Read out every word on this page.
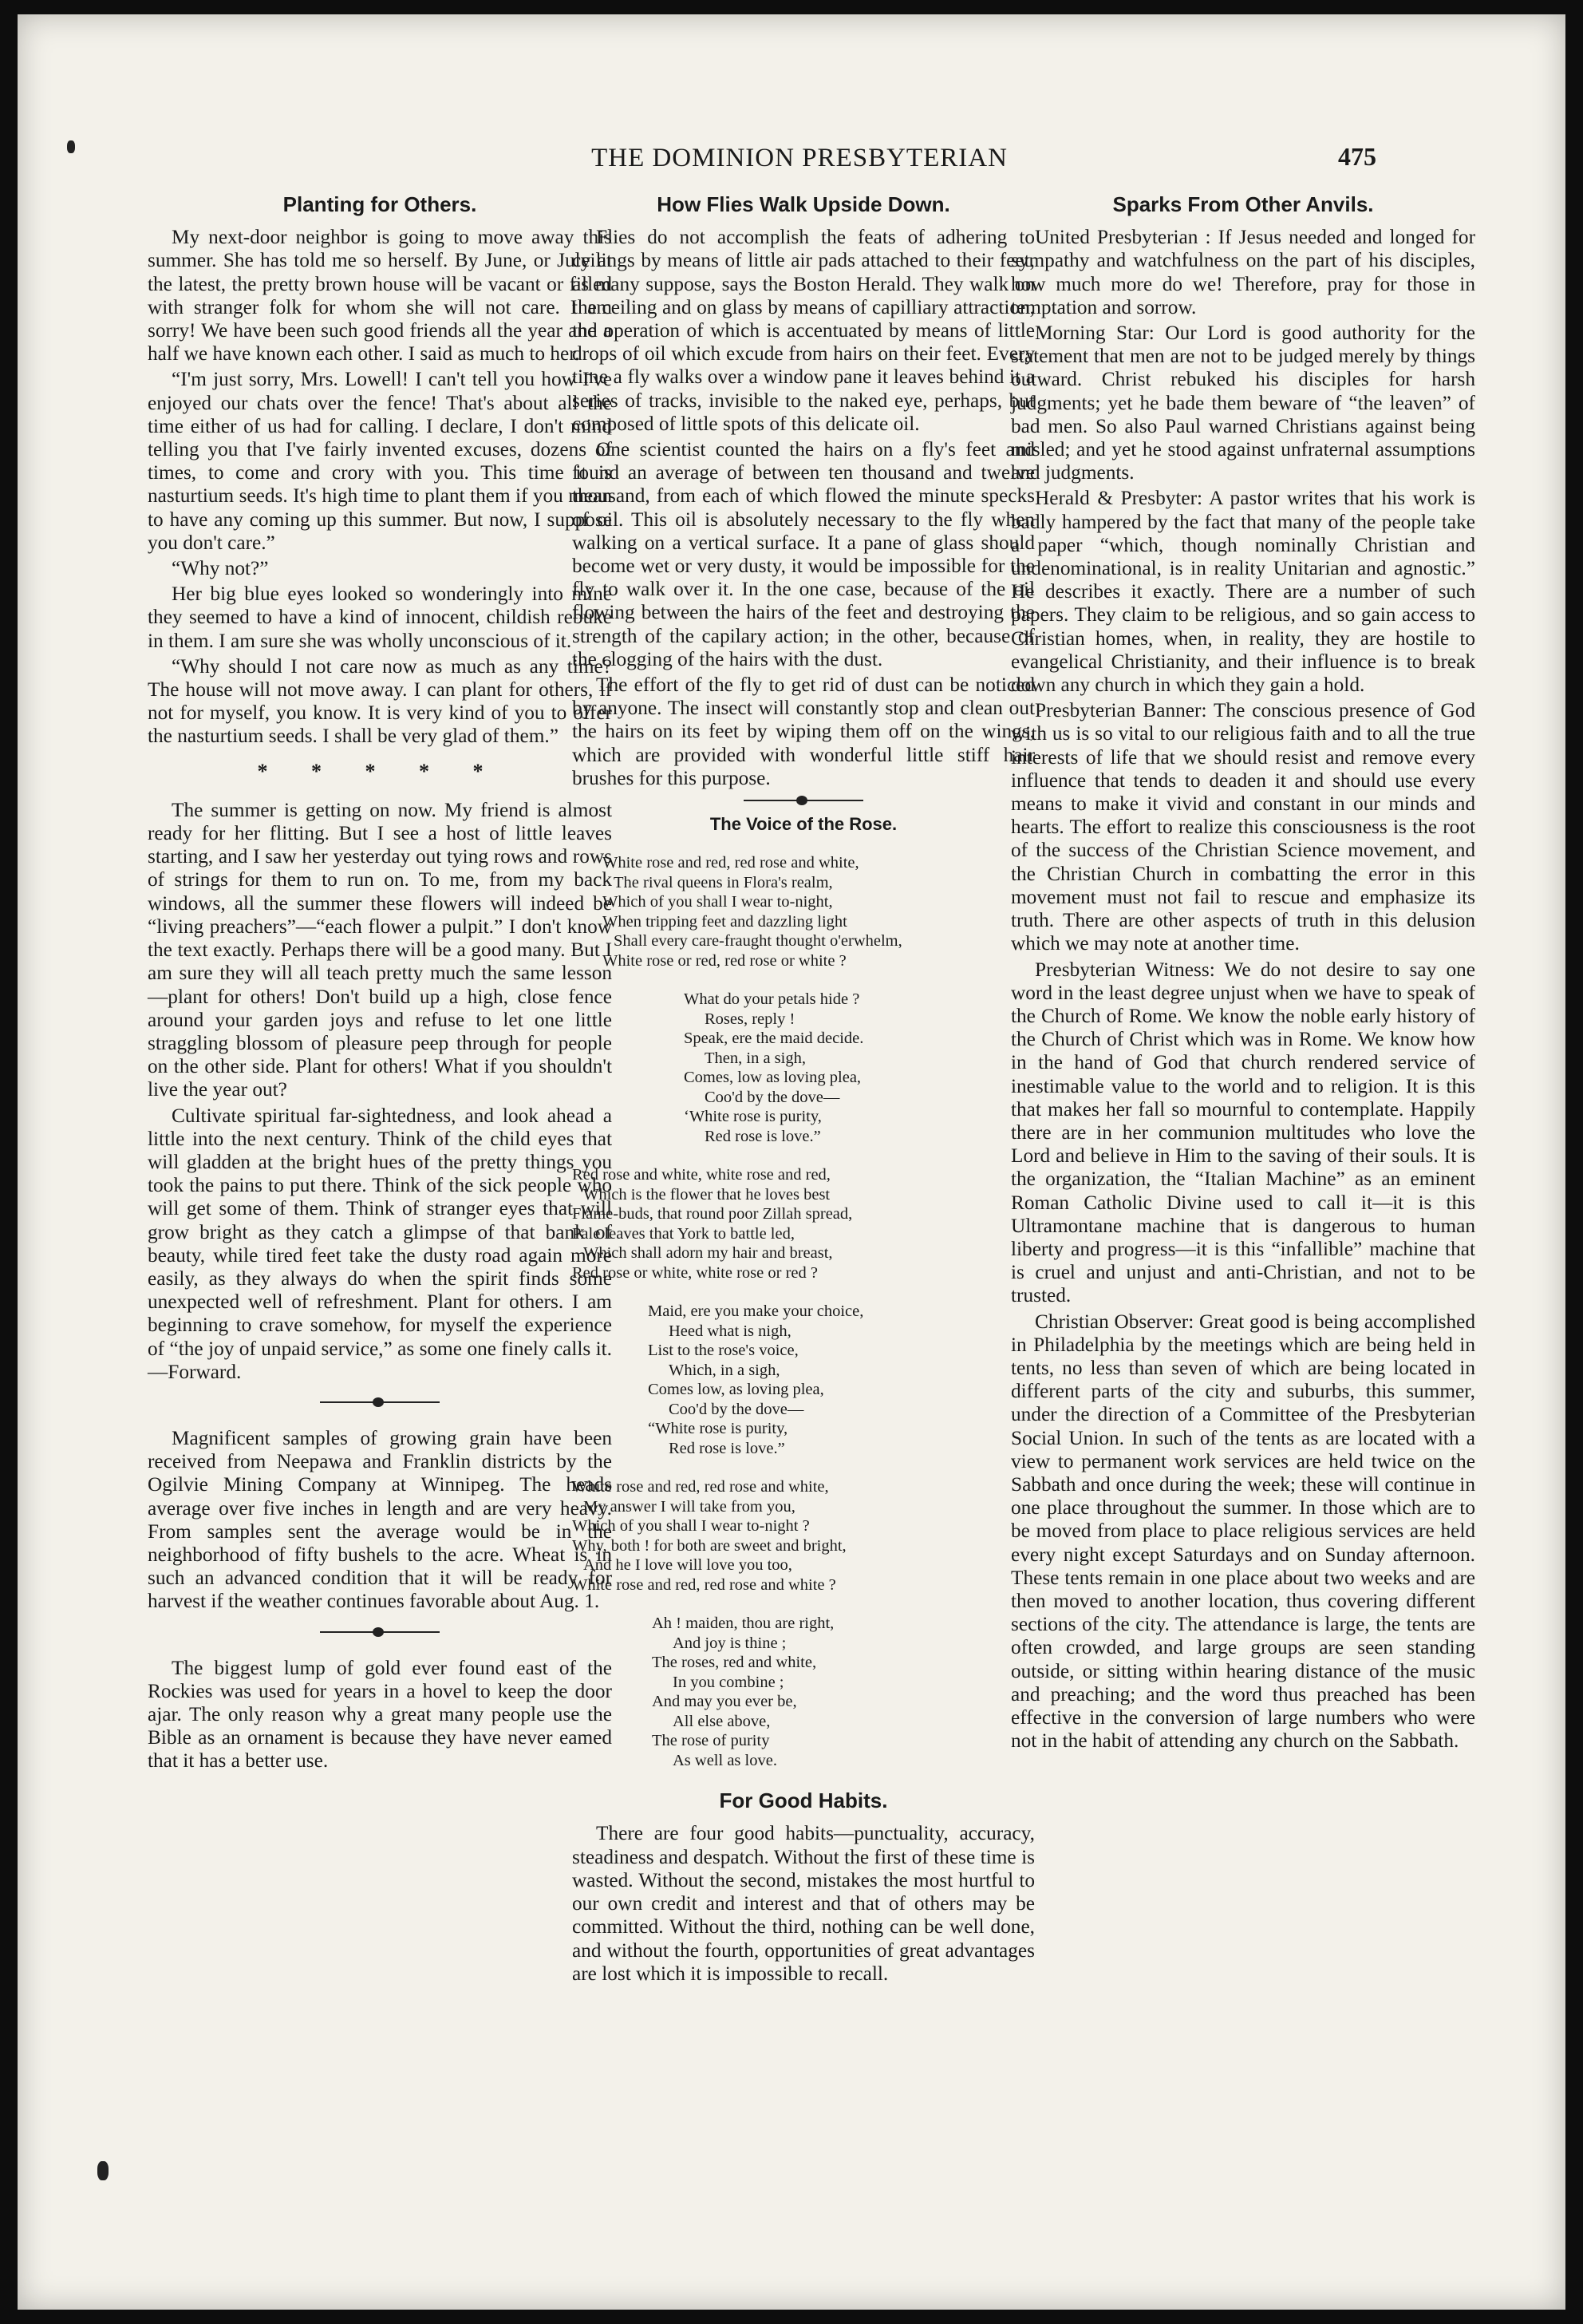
THE DOMINION PRESBYTERIAN	475
Planting for Others.

My next-door neighbor is going to move away this summer. She has told me so herself. By June, or July at the latest, the pretty brown house will be vacant or filled with stranger folk for whom she will not care. I am sorry! We have been such good friends all the year and a half we have known each other. I said as much to her.

“I'm just sorry, Mrs. Lowell! I can't tell you how I've enjoyed our chats over the fence! That's about all the time either of us had for calling. I declare, I don't mind telling you that I've fairly invented excuses, dozens of times, to come and crory with you. This time it is nasturtium seeds. It's high time to plant them if you mean to have any coming up this summer. But now, I suppose you don't care.”

“Why not?”

Her big blue eyes looked so wonderingly into mine they seemed to have a kind of innocent, childish rebuke in them. I am sure she was wholly unconscious of it.

“Why should I not care now as much as any time? The house will not move away. I can plant for others, if not for myself, you know. It is very kind of you to offer the nasturtium seeds. I shall be very glad of them.”

* * * * *

The summer is getting on now. My friend is almost ready for her flitting. But I see a host of little leaves starting, and I saw her yesterday out tying rows and rows of strings for them to run on. To me, from my back windows, all the summer these flowers will indeed be “living preachers”—“each flower a pulpit.” I don't know the text exactly. Perhaps there will be a good many. But I am sure they will all teach pretty much the same lesson—plant for others! Don't build up a high, close fence around your garden joys and refuse to let one little straggling blossom of pleasure peep through for people on the other side. Plant for others! What if you shouldn't live the year out?

Cultivate spiritual far-sightedness, and look ahead a little into the next century. Think of the child eyes that will gladden at the bright hues of the pretty things you took the pains to put there. Think of the sick people who will get some of them. Think of stranger eyes that will grow bright as they catch a glimpse of that bank of beauty, while tired feet take the dusty road again more easily, as they always do when the spirit finds some unexpected well of refreshment. Plant for others. I am beginning to crave somehow, for myself the experience of “the joy of unpaid service,” as some one finely calls it.—Forward.

Magnificent samples of growing grain have been received from Neepawa and Franklin districts by the Ogilvie Mining Company at Winnipeg. The heads average over five inches in length and are very heavy. From samples sent the average would be in the neighborhood of fifty bushels to the acre. Wheat is in such an advanced condition that it will be ready for harvest if the weather continues favorable about Aug. 1.

The biggest lump of gold ever found east of the Rockies was used for years in a hovel to keep the door ajar. The only reason why a great many people use the Bible as an ornament is because they have never eamed that it has a better use.

How Flies Walk Upside Down.

Flies do not accomplish the feats of adhering to ceilings by means of little air pads attached to their feet, as many suppose, says the Boston Herald. They walk on the ceiling and on glass by means of capilliary attraction, the operation of which is accentuated by means of little drops of oil which excude from hairs on their feet. Every time a fly walks over a window pane it leaves behind it a series of tracks, invisible to the naked eye, perhaps, but composed of little spots of this delicate oil.

One scientist counted the hairs on a fly's feet and found an average of between ten thousand and twelve thousand, from each of which flowed the minute specks of oil. This oil is absolutely necessary to the fly when walking on a vertical surface. It a pane of glass should become wet or very dusty, it would be impossible for the fly to walk over it. In the one case, because of the oil flowing between the hairs of the feet and destroying the strength of the capilary action; in the other, because of the clogging of the hairs with the dust.

The effort of the fly to get rid of dust can be noticed by anyone. The insect will constantly stop and clean out the hairs on its feet by wiping them off on the wings, which are provided with wonderful little stiff hair brushes for this purpose.

The Voice of the Rose.
White rose and red, red rose and white,
The rival queens in Flora's realm,
Which of you shall I wear to-night,
When tripping feet and dazzling light
Shall every care-fraught thought o'erwhelm,
White rose or red, red rose or white ?
What do your petals hide ?
Roses, reply !
Speak, ere the maid decide.
Then, in a sigh,
Comes, low as loving plea,
Coo'd by the dove—
‘White rose is purity,
Red rose is love.”
Red rose and white, white rose and red,
Which is the flower that he loves best
Flame-buds, that round poor Zillah spread,
Pale leaves that York to battle led,
Which shall adorn my hair and breast,
Red rose or white, white rose or red ?
Maid, ere you make your choice,
Heed what is nigh,
List to the rose's voice,
Which, in a sigh,
Comes low, as loving plea,
Coo'd by the dove—
“White rose is purity,
Red rose is love.”
White rose and red, red rose and white,
My answer I will take from you,
Which of you shall I wear to-night ?
Why, both ! for both are sweet and bright,
And he I love will love you too,
White rose and red, red rose and white ?
Ah ! maiden, thou are right,
And joy is thine ;
The roses, red and white,
In you combine ;
And may you ever be,
All else above,
The rose of purity
As well as love.
For Good Habits.

There are four good habits—punctuality, accuracy, steadiness and despatch. Without the first of these time is wasted. Without the second, mistakes the most hurtful to our own credit and interest and that of others may be committed. Without the third, nothing can be well done, and without the fourth, opportunities of great advantages are lost which it is impossible to recall.

Sparks From Other Anvils.

United Presbyterian : If Jesus needed and longed for sympathy and watchfulness on the part of his disciples, how much more do we! Therefore, pray for those in temptation and sorrow.

Morning Star: Our Lord is good authority for the statement that men are not to be judged merely by things outward. Christ rebuked his disciples for harsh judgments; yet he bade them beware of “the leaven” of bad men. So also Paul warned Christians against being misled; and yet he stood against unfraternal assumptions and judgments.

Herald & Presbyter: A pastor writes that his work is badly hampered by the fact that many of the people take a paper “which, though nominally Christian and undenominational, is in reality Unitarian and agnostic.” He describes it exactly. There are a number of such papers. They claim to be religious, and so gain access to Christian homes, when, in reality, they are hostile to evangelical Christianity, and their influence is to break down any church in which they gain a hold.

Presbyterian Banner: The conscious presence of God with us is so vital to our religious faith and to all the true interests of life that we should resist and remove every influence that tends to deaden it and should use every means to make it vivid and constant in our minds and hearts. The effort to realize this consciousness is the root of the success of the Christian Science movement, and the Christian Church in combatting the error in this movement must not fail to rescue and emphasize its truth. There are other aspects of truth in this delusion which we may note at another time.

Presbyterian Witness: We do not desire to say one word in the least degree unjust when we have to speak of the Church of Rome. We know the noble early history of the Church of Christ which was in Rome. We know how in the hand of God that church rendered service of inestimable value to the world and to religion. It is this that makes her fall so mournful to contemplate. Happily there are in her communion multitudes who love the Lord and believe in Him to the saving of their souls. It is the organization, the “Italian Machine” as an eminent Roman Catholic Divine used to call it—it is this Ultramontane machine that is dangerous to human liberty and progress—it is this “infallible” machine that is cruel and unjust and anti-Christian, and not to be trusted.

Christian Observer: Great good is being accomplished in Philadelphia by the meetings which are being held in tents, no less than seven of which are being located in different parts of the city and suburbs, this summer, under the direction of a Committee of the Presbyterian Social Union. In such of the tents as are located with a view to permanent work services are held twice on the Sabbath and once during the week; these will continue in one place throughout the summer. In those which are to be moved from place to place religious services are held every night except Saturdays and on Sunday afternoon. These tents remain in one place about two weeks and are then moved to another location, thus covering different sections of the city. The attendance is large, the tents are often crowded, and large groups are seen standing outside, or sitting within hearing distance of the music and preaching; and the word thus preached has been effective in the conversion of large numbers who were not in the habit of attending any church on the Sabbath.
